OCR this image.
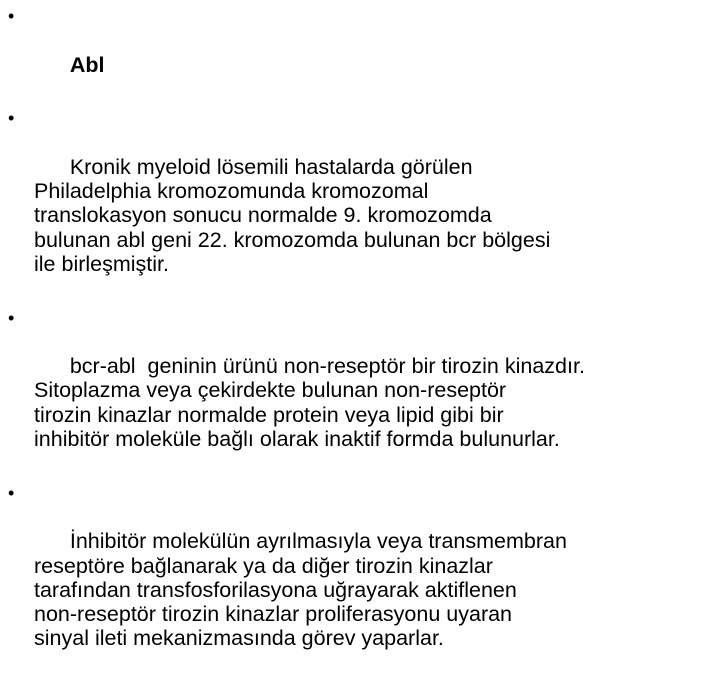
•

Abl

•

Kronik myeloid lösemili hastalarda görülen
Philadelphia kromozomunda kromozomal
translokasyon sonucu normalde 9. kromozomda
bulunan abl geni 22. kromozomda bulunan bcr bölgesi
ile birleşmiştir.

•

bcr-abl  geninin ürünü non-reseptör bir tirozin kinazdır.
Sitoplazma veya çekirdekte bulunan non-reseptör
tirozin kinazlar normalde protein veya lipid gibi bir
inhibitör moleküle bağlı olarak inaktif formda bulunurlar.

•

İnhibitör molekülün ayrılmasıyla veya transmembran
reseptöre bağlanarak ya da diğer tirozin kinazlar
tarafından transfosforilasyona uğrayarak aktiflenen
non-reseptör tirozin kinazlar proliferasyonu uyaran
sinyal ileti mekanizmasında görev yaparlar.
